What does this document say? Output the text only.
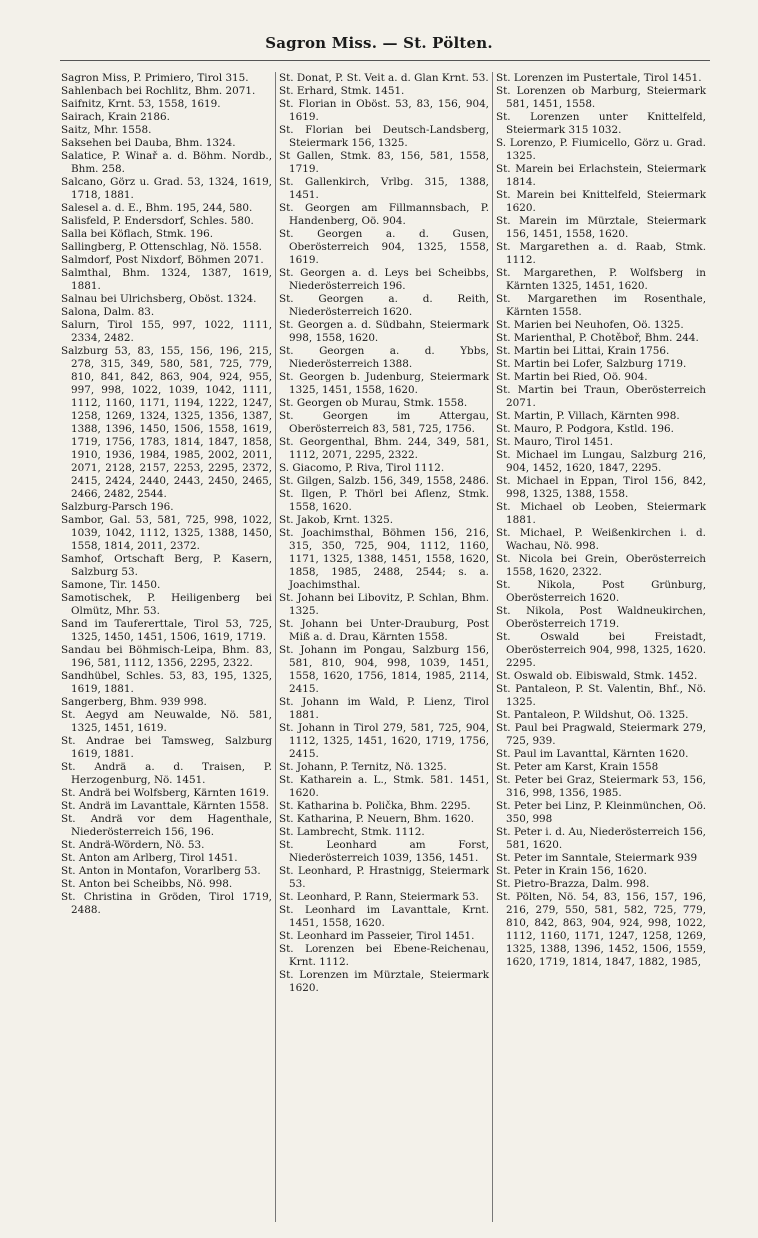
Sagron Miss. — St. Pölten.

Sagron Miss, P. Primiero, Tirol 315.

Sahlenbach bei Rochlitz, Bhm. 2071.

Saifnitz, Krnt. 53, 1558, 1619.

Sairach, Krain 2186.

Saitz, Mhr. 1558.

Saksehen bei Dauba, Bhm. 1324.

Salatice, P. Winař a. d. Böhm. Nordb., Bhm. 258.

Salcano, Görz u. Grad. 53, 1324, 1619, 1718, 1881.

Salesel a. d. E., Bhm. 195, 244, 580.

Salisfeld, P. Endersdorf, Schles. 580.

Salla bei Köflach, Stmk. 196.

Sallingberg, P. Ottenschlag, Nö. 1558.

Salmdorf, Post Nixdorf, Böhmen 2071.

Salmthal, Bhm. 1324, 1387, 1619, 1881.

Salnau bei Ulrichsberg, Oböst. 1324.

Salona, Dalm. 83.

Salurn, Tirol 155, 997, 1022, 1111, 2334, 2482.

Salzburg 53, 83, 155, 156, 196, 215, 278, 315, 349, 580, 581, 725, 779, 810, 841, 842, 863, 904, 924, 955, 997, 998, 1022, 1039, 1042, 1111, 1112, 1160, 1171, 1194, 1222, 1247, 1258, 1269, 1324, 1325, 1356, 1387, 1388, 1396, 1450, 1506, 1558, 1619, 1719, 1756, 1783, 1814, 1847, 1858, 1910, 1936, 1984, 1985, 2002, 2011, 2071, 2128, 2157, 2253, 2295, 2372, 2415, 2424, 2440, 2443, 2450, 2465, 2466, 2482, 2544.

Salzburg-Parsch 196.

Sambor, Gal. 53, 581, 725, 998, 1022, 1039, 1042, 1112, 1325, 1388, 1450, 1558, 1814, 2011, 2372.

Samhof, Ortschaft Berg, P. Kasern, Salzburg 53.

Samone, Tir. 1450.

Samotischek, P. Heiligenberg bei Olmütz, Mhr. 53.

Sand im Taufererttale, Tirol 53, 725, 1325, 1450, 1451, 1506, 1619, 1719.

Sandau bei Böhmisch-Leipa, Bhm. 83, 196, 581, 1112, 1356, 2295, 2322.

Sandhübel, Schles. 53, 83, 195, 1325, 1619, 1881.

Sangerberg, Bhm. 939 998.

St. Aegyd am Neuwalde, Nö. 581, 1325, 1451, 1619.

St. Andrae bei Tamsweg, Salzburg 1619, 1881.

St. Andrä a. d. Traisen, P. Herzogenburg, Nö. 1451.

St. Andrä bei Wolfsberg, Kärnten 1619.

St. Andrä im Lavanttale, Kärnten 1558.

St. Andrä vor dem Hagenthale, Niederösterreich 156, 196.

St. Andrä-Wördern, Nö. 53.

St. Anton am Arlberg, Tirol 1451.

St. Anton in Montafon, Vorarlberg 53.

St. Anton bei Scheibbs, Nö. 998.

St. Christina in Gröden, Tirol 1719, 2488.

St. Donat, P. St. Veit a. d. Glan Krnt. 53.

St. Erhard, Stmk. 1451.

St. Florian in Oböst. 53, 83, 156, 904, 1619.

St. Florian bei Deutsch-Landsberg, Steiermark 156, 1325.

St Gallen, Stmk. 83, 156, 581, 1558, 1719.

St. Gallenkirch, Vrlbg. 315, 1388, 1451.

St. Georgen am Fillmannsbach, P. Handenberg, Oö. 904.

St. Georgen a. d. Gusen, Oberösterreich 904, 1325, 1558, 1619.

St. Georgen a. d. Leys bei Scheibbs, Niederösterreich 196.

St. Georgen a. d. Reith, Niederösterreich 1620.

St. Georgen a. d. Südbahn, Steiermark 998, 1558, 1620.

St. Georgen a. d. Ybbs, Niederösterreich 1388.

St. Georgen b. Judenburg, Steiermark 1325, 1451, 1558, 1620.

St. Georgen ob Murau, Stmk. 1558.

St. Georgen im Attergau, Oberösterreich 83, 581, 725, 1756.

St. Georgenthal, Bhm. 244, 349, 581, 1112, 2071, 2295, 2322.

S. Giacomo, P. Riva, Tirol 1112.

St. Gilgen, Salzb. 156, 349, 1558, 2486.

St. Ilgen, P. Thörl bei Aflenz, Stmk. 1558, 1620.

St. Jakob, Krnt. 1325.

St. Joachimsthal, Böhmen 156, 216, 315, 350, 725, 904, 1112, 1160, 1171, 1325, 1388, 1451, 1558, 1620, 1858, 1985, 2488, 2544; s. a. Joachimsthal.

St. Johann bei Libovitz, P. Schlan, Bhm. 1325.

St. Johann bei Unter-Drauburg, Post Miß a. d. Drau, Kärnten 1558.

St. Johann im Pongau, Salzburg 156, 581, 810, 904, 998, 1039, 1451, 1558, 1620, 1756, 1814, 1985, 2114, 2415.

St. Johann im Wald, P. Lienz, Tirol 1881.

St. Johann in Tirol 279, 581, 725, 904, 1112, 1325, 1451, 1620, 1719, 1756, 2415.

St. Johann, P. Ternitz, Nö. 1325.

St. Katharein a. L., Stmk. 581. 1451, 1620.

St. Katharina b. Polička, Bhm. 2295.

St. Katharina, P. Neuern, Bhm. 1620.

St. Lambrecht, Stmk. 1112.

St. Leonhard am Forst, Niederösterreich 1039, 1356, 1451.

St. Leonhard, P. Hrastnigg, Steiermark 53.

St. Leonhard, P. Rann, Steiermark 53.

St. Leonhard im Lavanttale, Krnt. 1451, 1558, 1620.

St. Leonhard im Passeier, Tirol 1451.

St. Lorenzen bei Ebene-Reichenau, Krnt. 1112.

St. Lorenzen im Mürztale, Steiermark 1620.

St. Lorenzen im Pustertale, Tirol 1451.

St. Lorenzen ob Marburg, Steiermark 581, 1451, 1558.

St. Lorenzen unter Knittelfeld, Steiermark 315 1032.

S. Lorenzo, P. Fiumicello, Görz u. Grad. 1325.

St. Marein bei Erlachstein, Steiermark 1814.

St. Marein bei Knittelfeld, Steiermark 1620.

St. Marein im Mürztale, Steiermark 156, 1451, 1558, 1620.

St. Margarethen a. d. Raab, Stmk. 1112.

St. Margarethen, P. Wolfsberg in Kärnten 1325, 1451, 1620.

St. Margarethen im Rosenthale, Kärnten 1558.

St. Marien bei Neuhofen, Oö. 1325.

St. Marienthal, P. Chotěboř, Bhm. 244.

St. Martin bei Littai, Krain 1756.

St. Martin bei Lofer, Salzburg 1719.

St. Martin bei Ried, Oö. 904.

St. Martin bei Traun, Oberösterreich 2071.

St. Martin, P. Villach, Kärnten 998.

St. Mauro, P. Podgora, Kstld. 196.

St. Mauro, Tirol 1451.

St. Michael im Lungau, Salzburg 216, 904, 1452, 1620, 1847, 2295.

St. Michael in Eppan, Tirol 156, 842, 998, 1325, 1388, 1558.

St. Michael ob Leoben, Steiermark 1881.

St. Michael, P. Weißenkirchen i. d. Wachau, Nö. 998.

St. Nicola bei Grein, Oberösterreich 1558, 1620, 2322.

St. Nikola, Post Grünburg, Oberösterreich 1620.

St. Nikola, Post Waldneukirchen, Oberösterreich 1719.

St. Oswald bei Freistadt, Oberösterreich 904, 998, 1325, 1620. 2295.

St. Oswald ob. Eibiswald, Stmk. 1452.

St. Pantaleon, P. St. Valentin, Bhf., Nö. 1325.

St. Pantaleon, P. Wildshut, Oö. 1325.

St. Paul bei Pragwald, Steiermark 279, 725, 939.

St. Paul im Lavanttal, Kärnten 1620.

St. Peter am Karst, Krain 1558

St. Peter bei Graz, Steiermark 53, 156, 316, 998, 1356, 1985.

St. Peter bei Linz, P. Kleinmünchen, Oö. 350, 998

St. Peter i. d. Au, Niederösterreich 156, 581, 1620.

St. Peter im Sanntale, Steiermark 939

St. Peter in Krain 156, 1620.

St. Pietro-Brazza, Dalm. 998.

St. Pölten, Nö. 54, 83, 156, 157, 196, 216, 279, 550, 581, 582, 725, 779, 810, 842, 863, 904, 924, 998, 1022, 1112, 1160, 1171, 1247, 1258, 1269, 1325, 1388, 1396, 1452, 1506, 1559, 1620, 1719, 1814, 1847, 1882, 1985,
